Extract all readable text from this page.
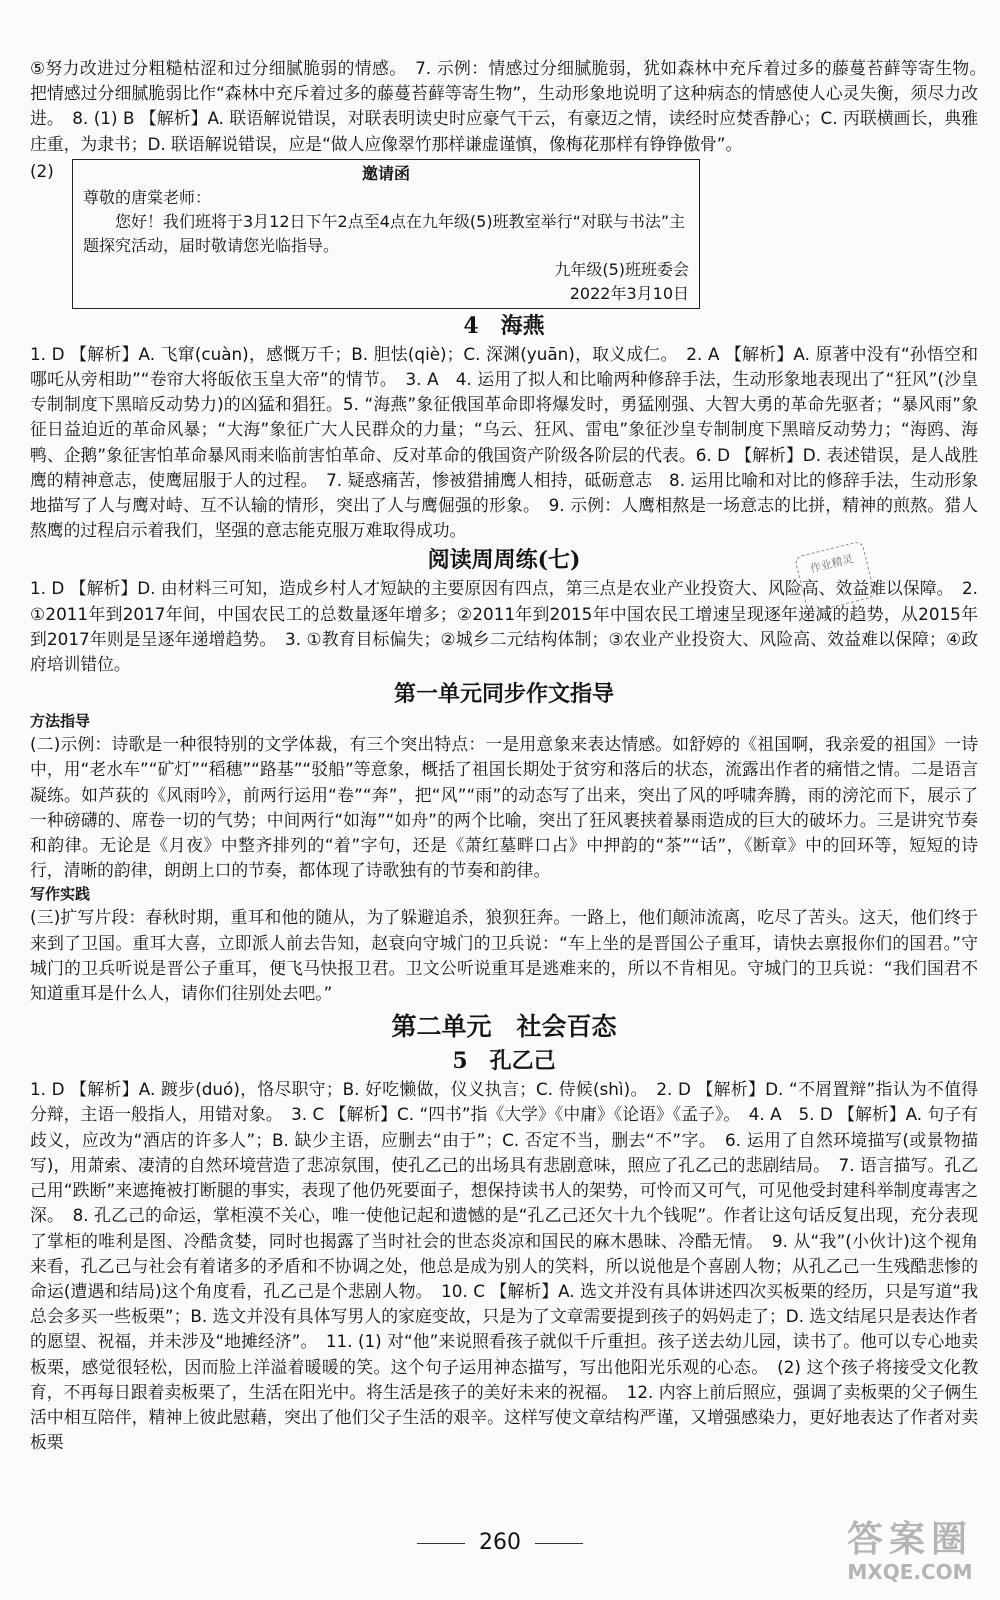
⑤努力改进过分粗糙枯涩和过分细腻脆弱的情感。　7. 示例：情感过分细腻脆弱，犹如森林中充斥着过多的藤蔓苔藓等寄生物。　把情感过分细腻脆弱比作“森林中充斥着过多的藤蔓苔藓等寄生物”，生动形象地说明了这种病态的情感使人心灵失衡，须尽力改进。　8. (1) B 【解析】A. 联语解说错误，对联表明读史时应豪气干云，有豪迈之情，读经时应焚香静心；C. 丙联横画长，典雅庄重，为隶书；D. 联语解说错误，应是“做人应像翠竹那样谦虚谨慎，像梅花那样有铮铮傲骨”。

(2)	邀请函
尊敬的唐棠老师：
您好！我们班将于3月12日下午2点至4点在九年级(5)班教室举行“对联与书法”主题探究活动，届时敬请您光临指导。
九年级(5)班班委会
2022年3月10日
4　海燕

1. D 【解析】A. 飞窜(cuàn)，感慨万千；B. 胆怯(qiè)；C. 深渊(yuān)，取义成仁。　2. A 【解析】A. 原著中没有“孙悟空和哪吒从旁相助”“卷帘大将皈依玉皇大帝”的情节。　3. A　4. 运用了拟人和比喻两种修辞手法，生动形象地表现出了“狂风”(沙皇专制制度下黑暗反动势力)的凶猛和猖狂。5. “海燕”象征俄国革命即将爆发时，勇猛刚强、大智大勇的革命先驱者；“暴风雨”象征日益迫近的革命风暴；“大海”象征广大人民群众的力量；“乌云、狂风、雷电”象征沙皇专制制度下黑暗反动势力；“海鸥、海鸭、企鹅”象征害怕革命暴风雨来临前害怕革命、反对革命的俄国资产阶级各阶层的代表。6. D 【解析】D. 表述错误，是人战胜鹰的精神意志，使鹰屈服于人的过程。　7. 疑惑痛苦，惨被猎捕鹰人相持，砥砺意志　8. 运用比喻和对比的修辞手法，生动形象地描写了人与鹰对峙、互不认输的情形，突出了人与鹰倔强的形象。　9. 示例：人鹰相熬是一场意志的比拼，精神的煎熬。猎人熬鹰的过程启示着我们，坚强的意志能克服万难取得成功。

阅读周周练(七)

1. D 【解析】D. 由材料三可知，造成乡村人才短缺的主要原因有四点，第三点是农业产业投资大、风险高、效益难以保障。　2. ①2011年到2017年间，中国农民工的总数量逐年增多；②2011年到2015年中国农民工增速呈现逐年递减的趋势，从2015年到2017年则是呈逐年递增趋势。　3. ①教育目标偏失；②城乡二元结构体制；③农业产业投资大、风险高、效益难以保障；④政府培训错位。

第一单元同步作文指导
方法指导

(二)示例：诗歌是一种很特别的文学体裁，有三个突出特点：一是用意象来表达情感。如舒婷的《祖国啊，我亲爱的祖国》一诗中，用“老水车”“矿灯”“稻穗”“路基”“驳船”等意象，概括了祖国长期处于贫穷和落后的状态，流露出作者的痛惜之情。二是语言凝练。如芦荻的《风雨吟》，前两行运用“卷”“奔”，把“风”“雨”的动态写了出来，突出了风的呼啸奔腾，雨的滂沱而下，展示了一种磅礴的、席卷一切的气势；中间两行“如海”“如舟”的两个比喻，突出了狂风裹挟着暴雨造成的巨大的破坏力。三是讲究节奏和韵律。无论是《月夜》中整齐排列的“着”字句，还是《萧红墓畔口占》中押韵的“茶”“话”，《断章》中的回环等，短短的诗行，清晰的韵律，朗朗上口的节奏，都体现了诗歌独有的节奏和韵律。

写作实践

(三)扩写片段：春秋时期，重耳和他的随从，为了躲避追杀，狼狈狂奔。一路上，他们颠沛流离，吃尽了苦头。这天，他们终于来到了卫国。重耳大喜，立即派人前去告知，赵衰向守城门的卫兵说：“车上坐的是晋国公子重耳，请快去禀报你们的国君。”守城门的卫兵听说是晋公子重耳，便飞马快报卫君。卫文公听说重耳是逃难来的，所以不肯相见。守城门的卫兵说：“我们国君不知道重耳是什么人，请你们往别处去吧。”

第二单元　社会百态
5　孔乙己

1. D 【解析】A. 踱步(duó)，恪尽职守；B. 好吃懒做，仪义执言；C. 侍候(shì)。　2. D 【解析】D. “不屑置辩”指认为不值得分辩，主语一般指人，用错对象。　3. C 【解析】C. “四书”指《大学》《中庸》《论语》《孟子》。　4. A　5. D 【解析】A. 句子有歧义，应改为“酒店的许多人”；B. 缺少主语，应删去“由于”；C. 否定不当，删去“不”字。　6. 运用了自然环境描写(或景物描写)，用萧索、凄清的自然环境营造了悲凉氛围，使孔乙己的出场具有悲剧意味，照应了孔乙己的悲剧结局。　7. 语言描写。孔乙己用“跌断”来遮掩被打断腿的事实，表现了他仍死要面子，想保持读书人的架势，可怜而又可气，可见他受封建科举制度毒害之深。　8. 孔乙己的命运，掌柜漠不关心，唯一使他记起和遗憾的是“孔乙己还欠十九个钱呢”。作者让这句话反复出现，充分表现了掌柜的唯利是图、冷酷贪婪，同时也揭露了当时社会的世态炎凉和国民的麻木愚昧、冷酷无情。　9. 从“我”(小伙计)这个视角来看，孔乙己与社会有着诸多的矛盾和不协调之处，他总是成为别人的笑料，所以说他是个喜剧人物；从孔乙己一生残酷悲惨的命运(遭遇和结局)这个角度看，孔乙己是个悲剧人物。　10. C 【解析】A. 选文并没有具体讲述四次买板栗的经历，只是写道“我总会多买一些板栗”；B. 选文并没有具体写男人的家庭变故，只是为了文章需要提到孩子的妈妈走了；D. 选文结尾只是表达作者的愿望、祝福，并未涉及“地摊经济”。　11. (1) 对“他”来说照看孩子就似千斤重担。孩子送去幼儿园，读书了。他可以专心地卖板栗，感觉很轻松，因而脸上洋溢着暖暖的笑。这个句子运用神态描写，写出他阳光乐观的心态。　(2) 这个孩子将接受文化教育，不再每日跟着卖板栗了，生活在阳光中。将生活是孩子的美好未来的祝福。　12. 内容上前后照应，强调了卖板栗的父子俩生活中相互陪伴，精神上彼此慰藉，突出了他们父子生活的艰辛。这样写使文章结构严谨，又增强感染力，更好地表达了作者对卖板栗

作业精灵
260	答案圈
MXQE.COM
